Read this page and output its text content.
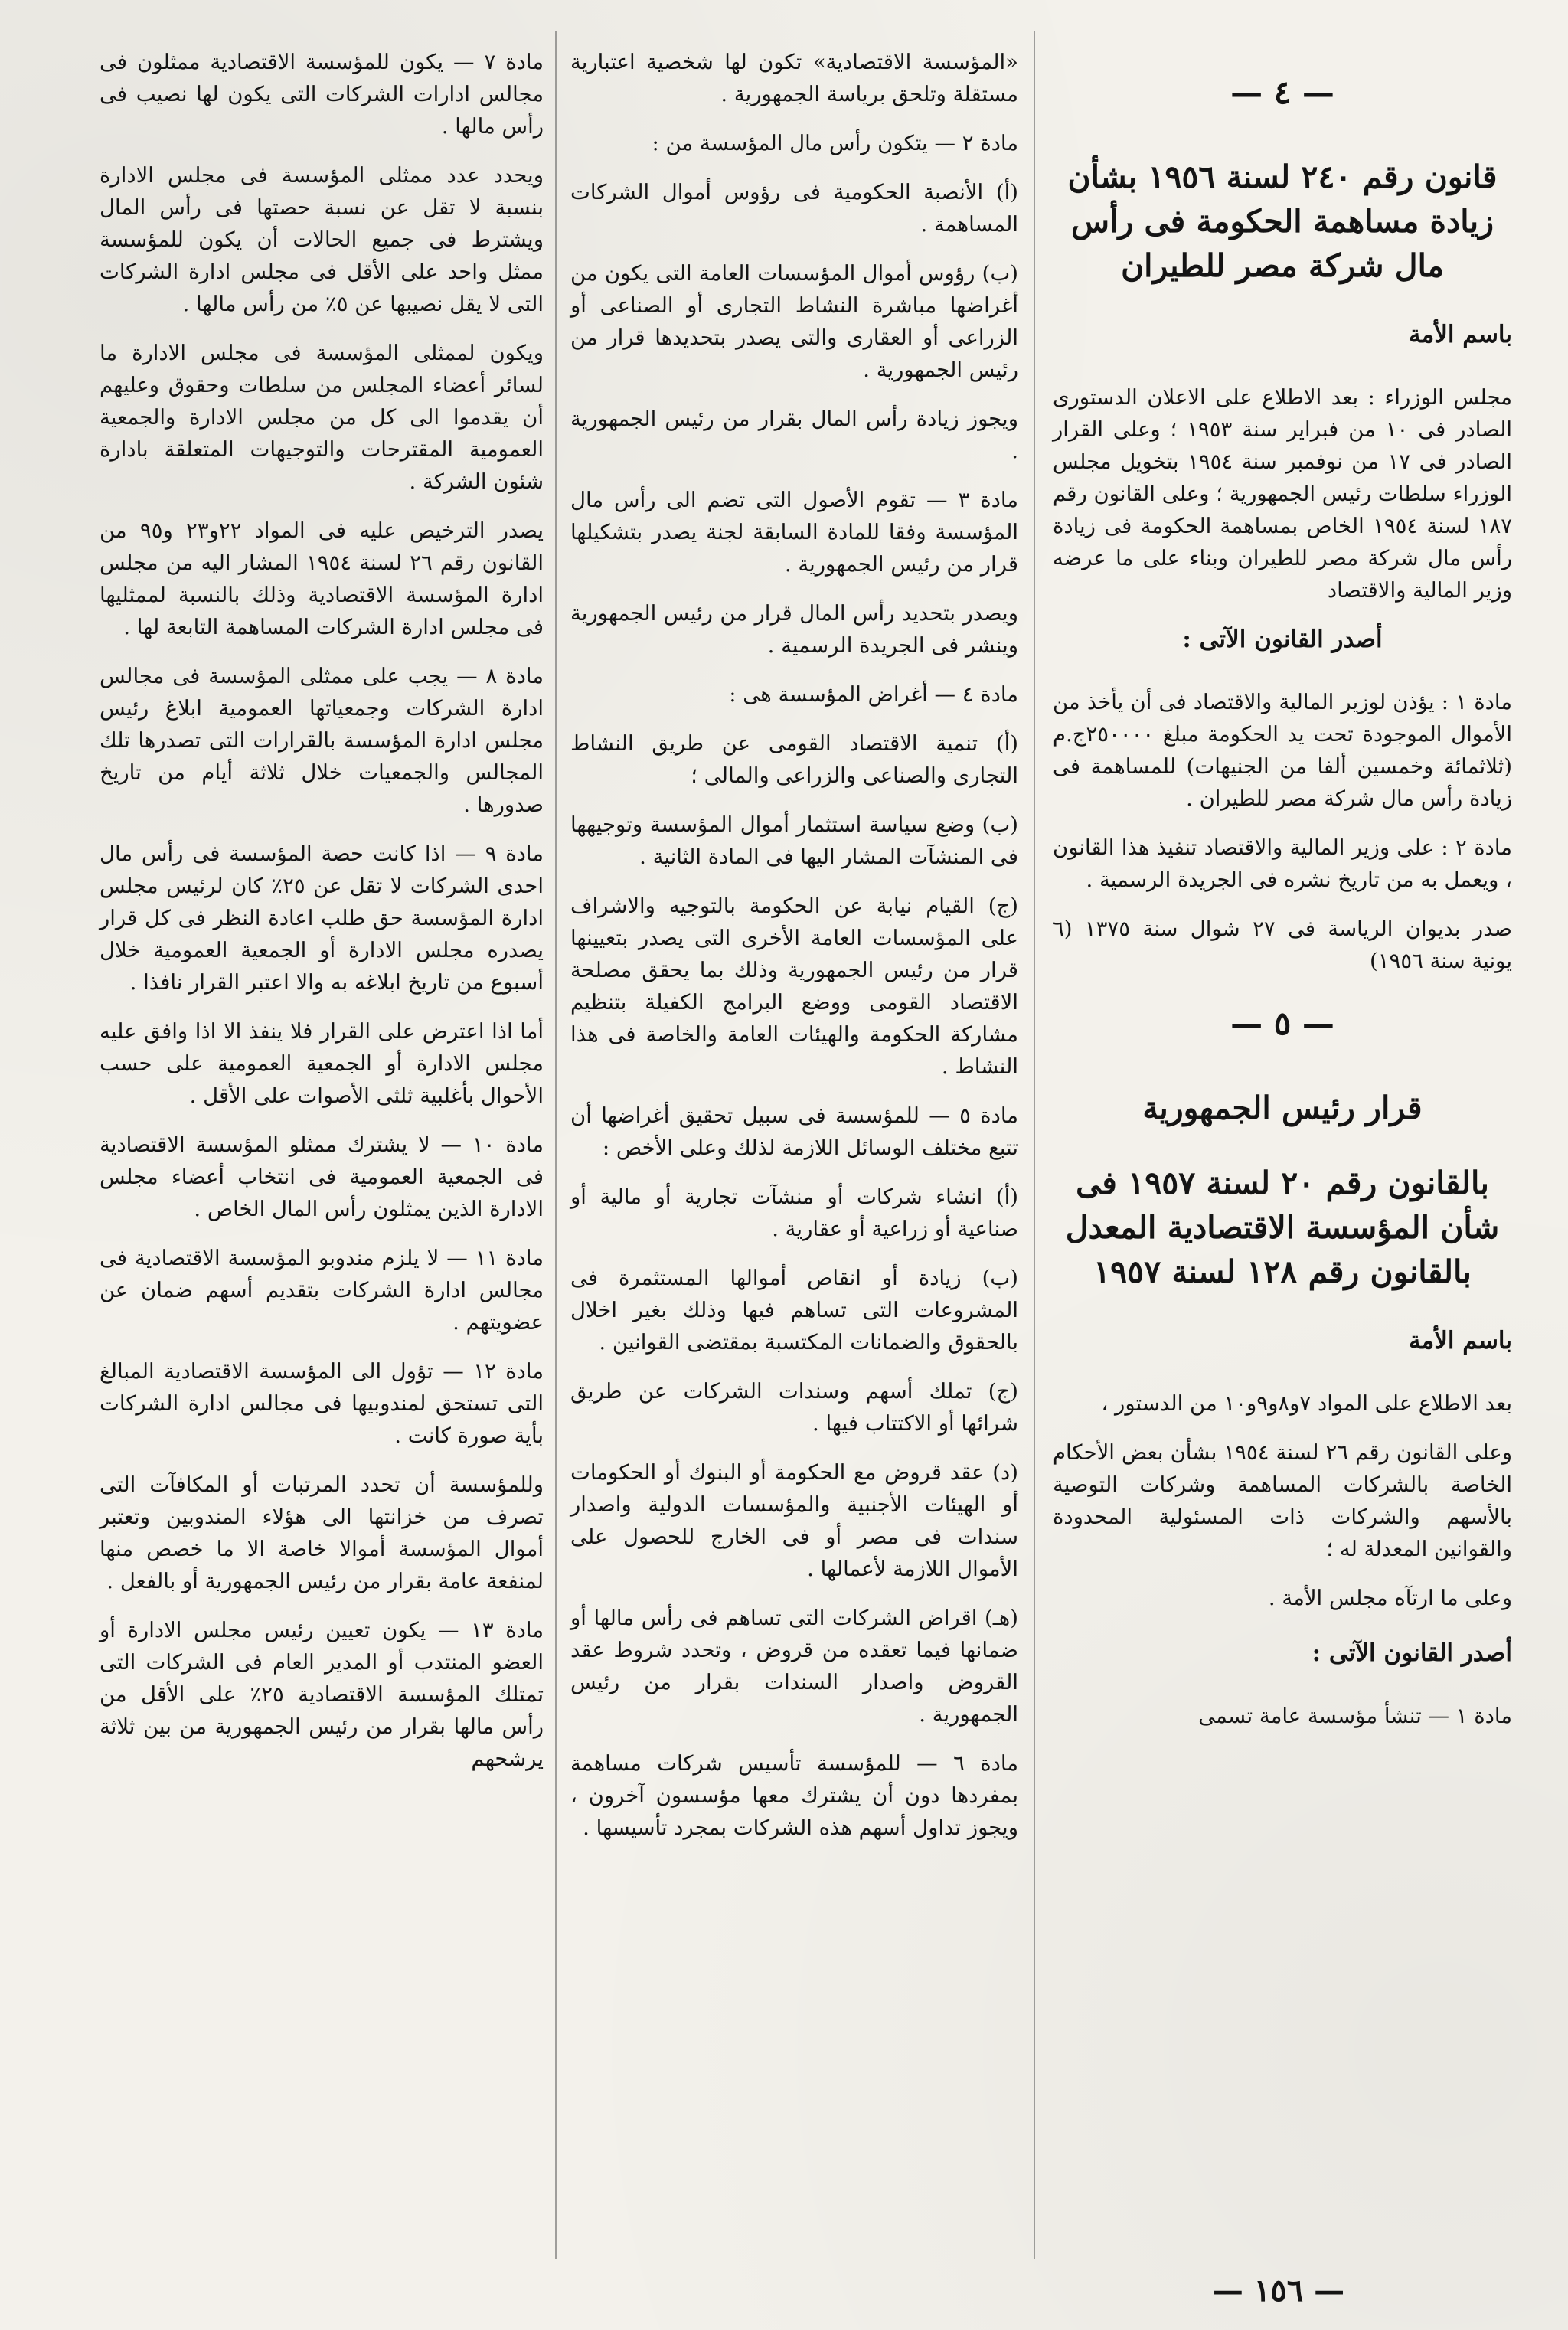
— ٤ —
قانون رقم ٢٤٠ لسنة ١٩٥٦ بشأن زيادة مساهمة الحكومة فى رأس مال شركة مصر للطيران
باسم الأمة

مجلس الوزراء : بعد الاطلاع على الاعلان الدستورى الصادر فى ١٠ من فبراير سنة ١٩٥٣ ؛ وعلى القرار الصادر فى ١٧ من نوفمبر سنة ١٩٥٤ بتخويل مجلس الوزراء سلطات رئيس الجمهورية ؛ وعلى القانون رقم ١٨٧ لسنة ١٩٥٤ الخاص بمساهمة الحكومة فى زيادة رأس مال شركة مصر للطيران وبناء على ما عرضه وزير المالية والاقتصاد

أصدر القانون الآتى :

مادة ١ : يؤذن لوزير المالية والاقتصاد فى أن يأخذ من الأموال الموجودة تحت يد الحكومة مبلغ ٢٥٠٠٠٠ج.م (ثلاثمائة وخمسين ألفا من الجنيهات) للمساهمة فى زيادة رأس مال شركة مصر للطيران .

مادة ٢ : على وزير المالية والاقتصاد تنفيذ هذا القانون ، ويعمل به من تاريخ نشره فى الجريدة الرسمية .

صدر بديوان الرياسة فى ٢٧ شوال سنة ١٣٧٥ (٦ يونية سنة ١٩٥٦)

— ٥ —
قرار رئيس الجمهورية
بالقانون رقم ٢٠ لسنة ١٩٥٧ فى شأن المؤسسة الاقتصادية المعدل بالقانون رقم ١٢٨ لسنة ١٩٥٧
باسم الأمة

بعد الاطلاع على المواد ٧و٨و٩و١٠ من الدستور ،

وعلى القانون رقم ٢٦ لسنة ١٩٥٤ بشأن بعض الأحكام الخاصة بالشركات المساهمة وشركات التوصية بالأسهم والشركات ذات المسئولية المحدودة والقوانين المعدلة له ؛

وعلى ما ارتآه مجلس الأمة .

أصدر القانون الآتى :

مادة ١ — تنشأ مؤسسة عامة تسمى

«المؤسسة الاقتصادية» تكون لها شخصية اعتبارية مستقلة وتلحق برياسة الجمهورية .

مادة ٢ — يتكون رأس مال المؤسسة من :

(أ) الأنصبة الحكومية فى رؤوس أموال الشركات المساهمة .

(ب) رؤوس أموال المؤسسات العامة التى يكون من أغراضها مباشرة النشاط التجارى أو الصناعى أو الزراعى أو العقارى والتى يصدر بتحديدها قرار من رئيس الجمهورية .

ويجوز زيادة رأس المال بقرار من رئيس الجمهورية .

مادة ٣ — تقوم الأصول التى تضم الى رأس مال المؤسسة وفقا للمادة السابقة لجنة يصدر بتشكيلها قرار من رئيس الجمهورية .

ويصدر بتحديد رأس المال قرار من رئيس الجمهورية وينشر فى الجريدة الرسمية .

مادة ٤ — أغراض المؤسسة هى :

(أ) تنمية الاقتصاد القومى عن طريق النشاط التجارى والصناعى والزراعى والمالى ؛

(ب) وضع سياسة استثمار أموال المؤسسة وتوجيهها فى المنشآت المشار اليها فى المادة الثانية .

(ج) القيام نيابة عن الحكومة بالتوجيه والاشراف على المؤسسات العامة الأخرى التى يصدر بتعيينها قرار من رئيس الجمهورية وذلك بما يحقق مصلحة الاقتصاد القومى ووضع البرامج الكفيلة بتنظيم مشاركة الحكومة والهيئات العامة والخاصة فى هذا النشاط .

مادة ٥ — للمؤسسة فى سبيل تحقيق أغراضها أن تتبع مختلف الوسائل اللازمة لذلك وعلى الأخص :

(أ) انشاء شركات أو منشآت تجارية أو مالية أو صناعية أو زراعية أو عقارية .

(ب) زيادة أو انقاص أموالها المستثمرة فى المشروعات التى تساهم فيها وذلك بغير اخلال بالحقوق والضمانات المكتسبة بمقتضى القوانين .

(ج) تملك أسهم وسندات الشركات عن طريق شرائها أو الاكتتاب فيها .

(د) عقد قروض مع الحكومة أو البنوك أو الحكومات أو الهيئات الأجنبية والمؤسسات الدولية واصدار سندات فى مصر أو فى الخارج للحصول على الأموال اللازمة لأعمالها .

(هـ) اقراض الشركات التى تساهم فى رأس مالها أو ضمانها فيما تعقده من قروض ، وتحدد شروط عقد القروض واصدار السندات بقرار من رئيس الجمهورية .

مادة ٦ — للمؤسسة تأسيس شركات مساهمة بمفردها دون أن يشترك معها مؤسسون آخرون ، ويجوز تداول أسهم هذه الشركات بمجرد تأسيسها .

مادة ٧ — يكون للمؤسسة الاقتصادية ممثلون فى مجالس ادارات الشركات التى يكون لها نصيب فى رأس مالها .

ويحدد عدد ممثلى المؤسسة فى مجلس الادارة بنسبة لا تقل عن نسبة حصتها فى رأس المال ويشترط فى جميع الحالات أن يكون للمؤسسة ممثل واحد على الأقل فى مجلس ادارة الشركات التى لا يقل نصيبها عن ٥٪ من رأس مالها .

ويكون لممثلى المؤسسة فى مجلس الادارة ما لسائر أعضاء المجلس من سلطات وحقوق وعليهم أن يقدموا الى كل من مجلس الادارة والجمعية العمومية المقترحات والتوجيهات المتعلقة بادارة شئون الشركة .

يصدر الترخيص عليه فى المواد ٢٢و٢٣ و٩٥ من القانون رقم ٢٦ لسنة ١٩٥٤ المشار اليه من مجلس ادارة المؤسسة الاقتصادية وذلك بالنسبة لممثليها فى مجلس ادارة الشركات المساهمة التابعة لها .

مادة ٨ — يجب على ممثلى المؤسسة فى مجالس ادارة الشركات وجمعياتها العمومية ابلاغ رئيس مجلس ادارة المؤسسة بالقرارات التى تصدرها تلك المجالس والجمعيات خلال ثلاثة أيام من تاريخ صدورها .

مادة ٩ — اذا كانت حصة المؤسسة فى رأس مال احدى الشركات لا تقل عن ٢٥٪ كان لرئيس مجلس ادارة المؤسسة حق طلب اعادة النظر فى كل قرار يصدره مجلس الادارة أو الجمعية العمومية خلال أسبوع من تاريخ ابلاغه به والا اعتبر القرار نافذا .

أما اذا اعترض على القرار فلا ينفذ الا اذا وافق عليه مجلس الادارة أو الجمعية العمومية على حسب الأحوال بأغلبية ثلثى الأصوات على الأقل .

مادة ١٠ — لا يشترك ممثلو المؤسسة الاقتصادية فى الجمعية العمومية فى انتخاب أعضاء مجلس الادارة الذين يمثلون رأس المال الخاص .

مادة ١١ — لا يلزم مندوبو المؤسسة الاقتصادية فى مجالس ادارة الشركات بتقديم أسهم ضمان عن عضويتهم .

مادة ١٢ — تؤول الى المؤسسة الاقتصادية المبالغ التى تستحق لمندوبيها فى مجالس ادارة الشركات بأية صورة كانت .

وللمؤسسة أن تحدد المرتبات أو المكافآت التى تصرف من خزانتها الى هؤلاء المندوبين وتعتبر أموال المؤسسة أموالا خاصة الا ما خصص منها لمنفعة عامة بقرار من رئيس الجمهورية أو بالفعل .

مادة ١٣ — يكون تعيين رئيس مجلس الادارة أو العضو المنتدب أو المدير العام فى الشركات التى تمتلك المؤسسة الاقتصادية ٢٥٪ على الأقل من رأس مالها بقرار من رئيس الجمهورية من بين ثلاثة يرشحهم

— ١٥٦ —
